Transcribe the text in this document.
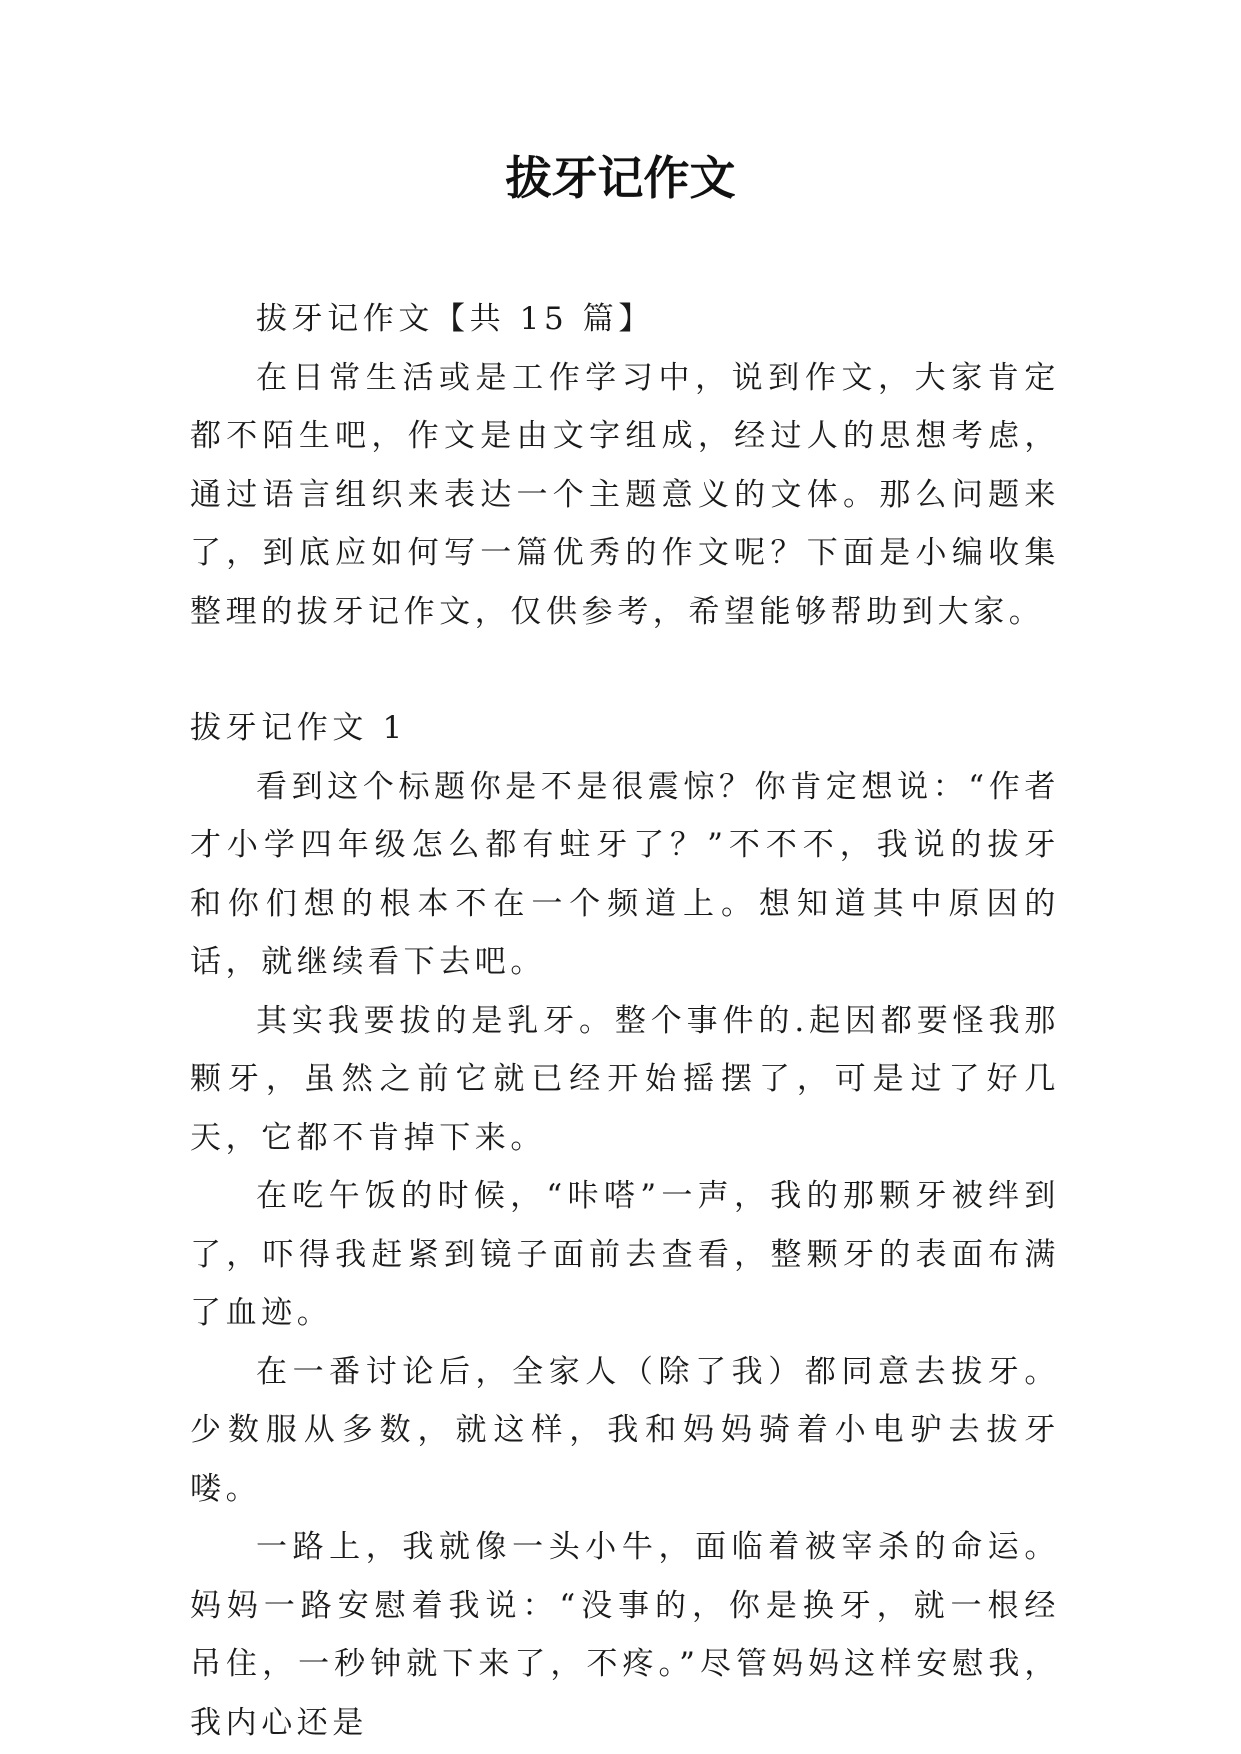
拔牙记作文

拔牙记作文【共 15 篇】

在日常生活或是工作学习中，说到作文，大家肯定都不陌生吧，作文是由文字组成，经过人的思想考虑，通过语言组织来表达一个主题意义的文体。那么问题来了，到底应如何写一篇优秀的作文呢？下面是小编收集整理的拔牙记作文，仅供参考，希望能够帮助到大家。

拔牙记作文 1

看到这个标题你是不是很震惊？你肯定想说：“作者才小学四年级怎么都有蛀牙了？”不不不，我说的拔牙和你们想的根本不在一个频道上。想知道其中原因的话，就继续看下去吧。

其实我要拔的是乳牙。整个事件的.起因都要怪我那颗牙，虽然之前它就已经开始摇摆了，可是过了好几天，它都不肯掉下来。

在吃午饭的时候，“咔嗒”一声，我的那颗牙被绊到了，吓得我赶紧到镜子面前去查看，整颗牙的表面布满了血迹。

在一番讨论后，全家人（除了我）都同意去拔牙。少数服从多数，就这样，我和妈妈骑着小电驴去拔牙喽。

一路上，我就像一头小牛，面临着被宰杀的命运。妈妈一路安慰着我说：“没事的，你是换牙，就一根经吊住，一秒钟就下来了，不疼。”尽管妈妈这样安慰我，我内心还是
